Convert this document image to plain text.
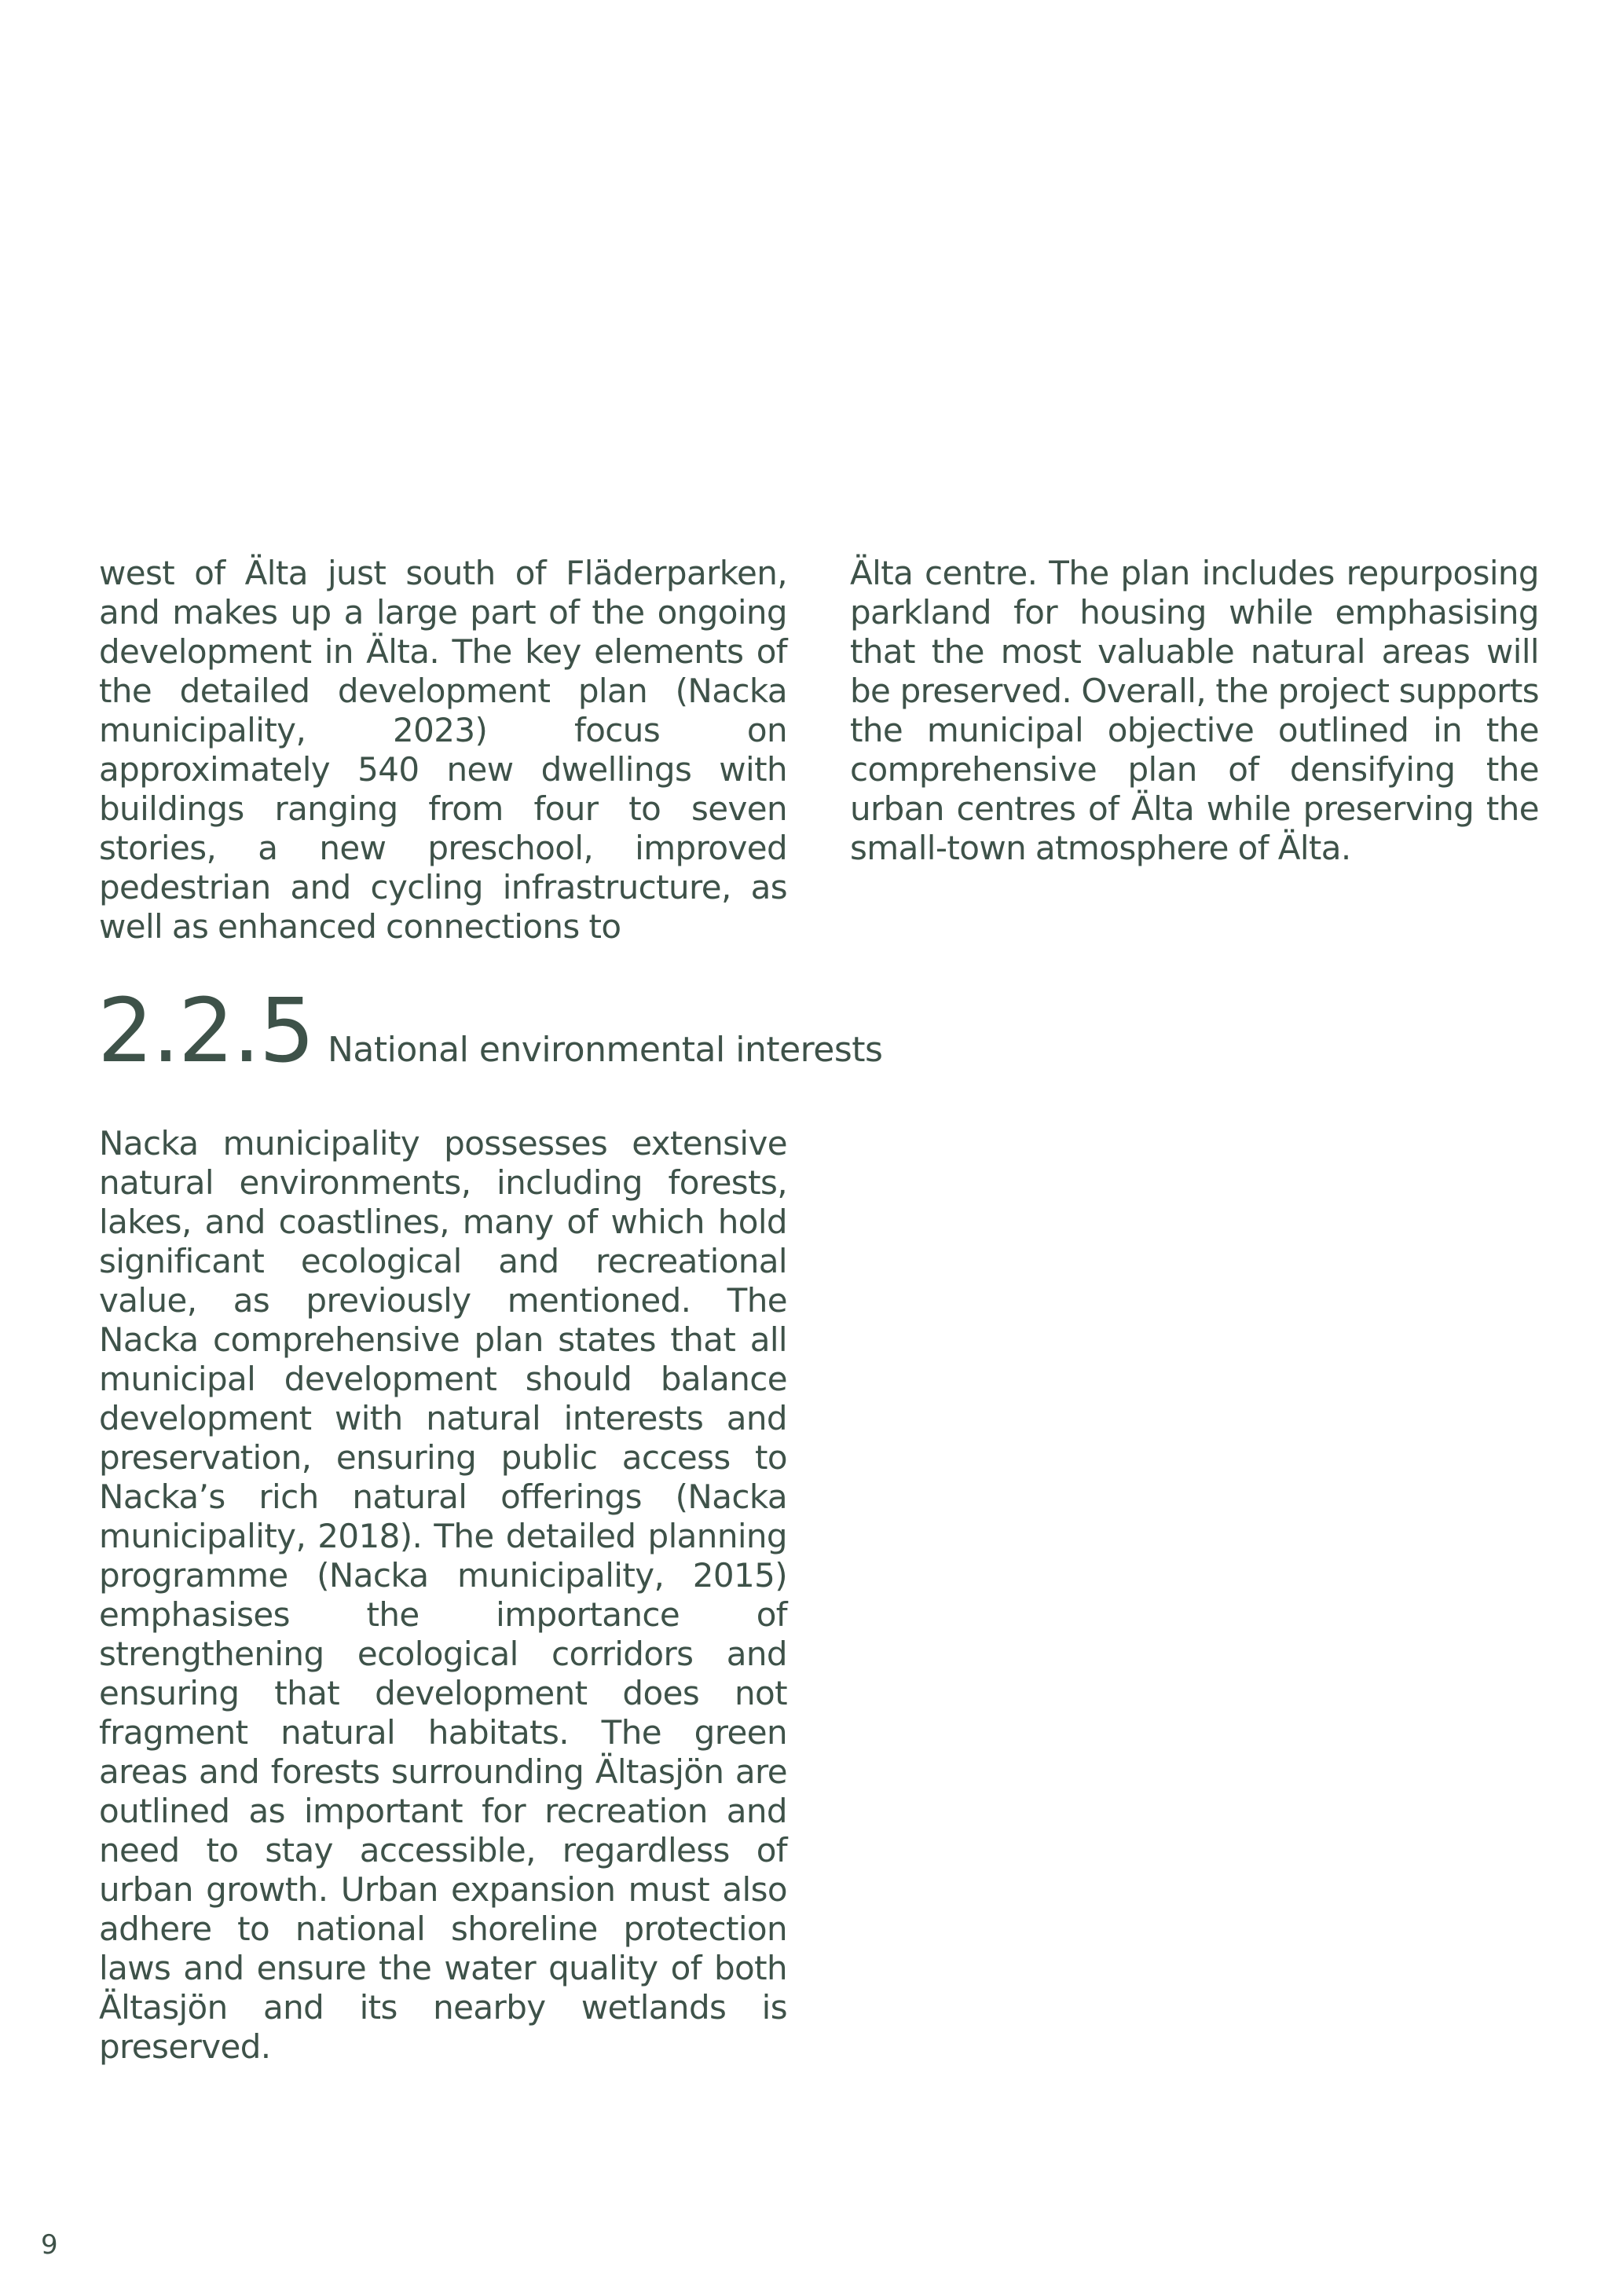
west of Älta just south of Fläderparken, and makes up a large part of the ongoing development in Älta. The key elements of the detailed development plan (Nacka municipality, 2023) focus on approximately 540 new dwellings with buildings ranging from four to seven stories, a new preschool, improved pedestrian and cycling infrastructure, as well as enhanced connections to

Älta centre. The plan includes repurposing parkland for housing while emphasising that the most valuable natural areas will be preserved. Overall, the project supports the municipal objective outlined in the comprehensive plan of densifying the urban centres of Älta while preserving the small-town atmosphere of Älta.

2.2.5 National environmental interests

Nacka municipality possesses extensive natural environments, including forests, lakes, and coastlines, many of which hold significant ecological and recreational value, as previously mentioned. The Nacka comprehensive plan states that all municipal development should balance development with natural interests and preservation, ensuring public access to Nacka’s rich natural offerings (Nacka municipality, 2018). The detailed planning programme (Nacka municipality, 2015) emphasises the importance of strengthening ecological corridors and ensuring that development does not fragment natural habitats. The green areas and forests surrounding Ältasjön are outlined as important for recreation and need to stay accessible, regardless of urban growth. Urban expansion must also adhere to national shoreline protection laws and ensure the water quality of both Ältasjön and its nearby wetlands is preserved.

9
